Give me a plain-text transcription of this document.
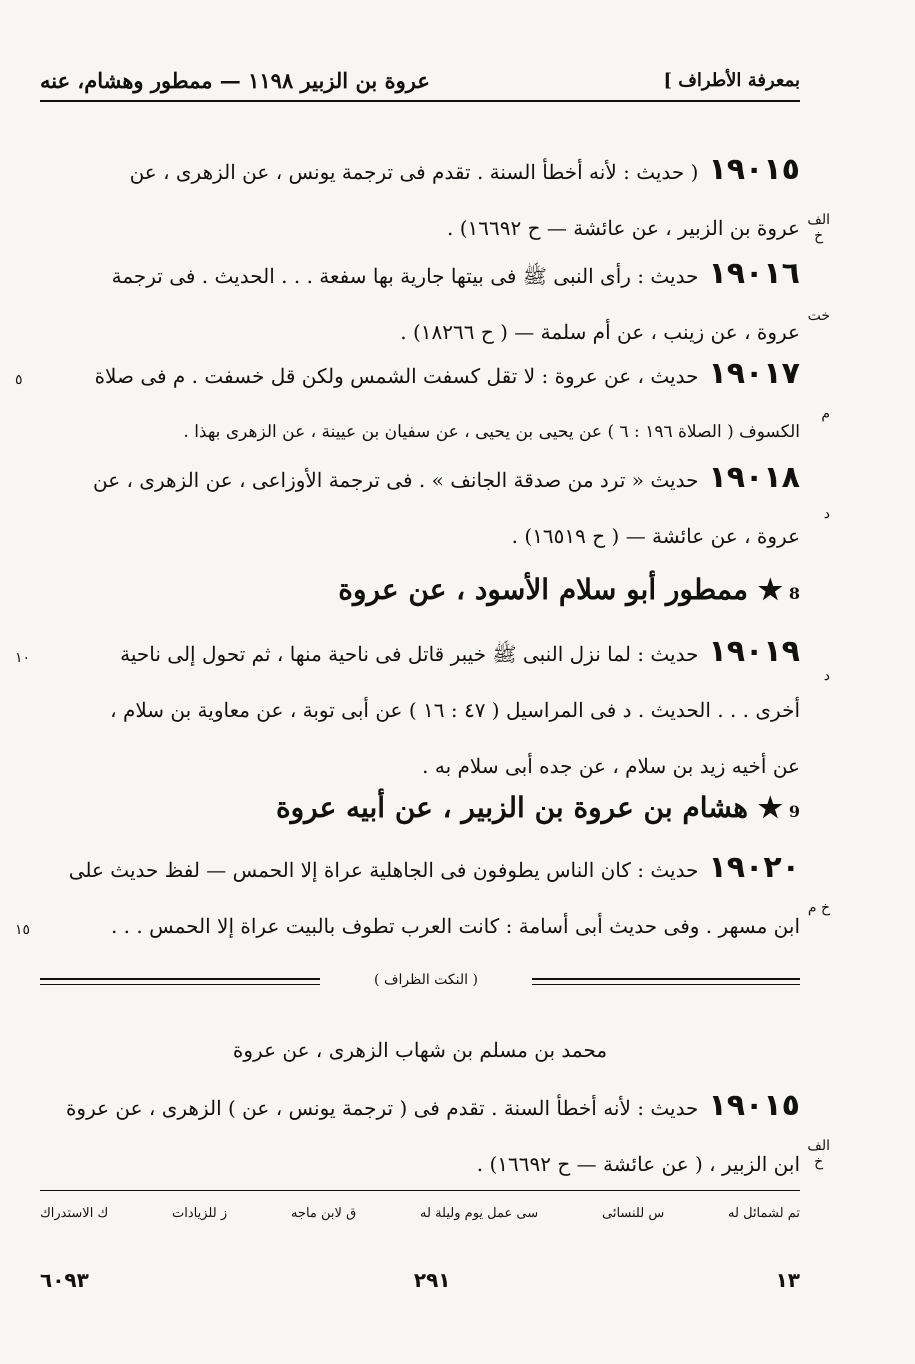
بمعرفة الأطراف ]
عروة بن الزبير ١١٩٨ — ممطور وهشام، عنه
١٩٠١٥( حديث : لأنه أخطأ السنة . تقدم فى ترجمة يونس ، عن الزهرى ، عن
الف
خ
عروة بن الزبير ، عن عائشة — ح ١٦٦٩٢) .
١٩٠١٦حديث : رأى النبى ﷺ فى بيتها جارية بها سفعة . . . الحديث . فى ترجمة
خت
عروة ، عن زينب ، عن أم سلمة — ( ح ١٨٢٦٦) .
٥	١٩٠١٧حديث ، عن عروة : لا تقل كسفت الشمس ولكن قل خسفت . م فى صلاة
م
الكسوف ( الصلاة ١٩٦ : ٦ ) عن يحيى بن يحيى ، عن سفيان بن عيينة ، عن الزهرى بهذا .
١٩٠١٨حديث « ترد من صدقة الجانف » . فى ترجمة الأوزاعى ، عن الزهرى ، عن
د
عروة ، عن عائشة — ( ح ١٦٥١٩) .
8★ ممطور أبو سلام الأسود ، عن عروة
١٠	١٩٠١٩حديث : لما نزل النبى ﷺ خيبر قاتل فى ناحية منها ، ثم تحول إلى ناحية
د
أخرى . . . الحديث . د فى المراسيل ( ٤٧ : ١٦ ) عن أبى توبة ، عن معاوية بن سلام ،
عن أخيه زيد بن سلام ، عن جده أبى سلام به .
9★ هشام بن عروة بن الزبير ، عن أبيه عروة
١٩٠٢٠حديث : كان الناس يطوفون فى الجاهلية عراة إلا الحمس — لفظ حديث على
خ م
ابن مسهر . وفى حديث أبى أسامة : كانت العرب تطوف بالبيت عراة إلا الحمس . . .
١٥
( النكت الظراف )
محمد بن مسلم بن شهاب الزهرى ، عن عروة
١٩٠١٥حديث : لأنه أخطأ السنة . تقدم فى ( ترجمة يونس ، عن ) الزهرى ، عن عروة
الف
خ
ابن الزبير ، ( عن عائشة — ح ١٦٦٩٢) .
تم لشمائل له
س للنسائى
سى عمل يوم وليلة له
ق لابن ماجه
ز للزيادات
ك الاستدراك
١٣
٢٩١
٦٠٩٣
